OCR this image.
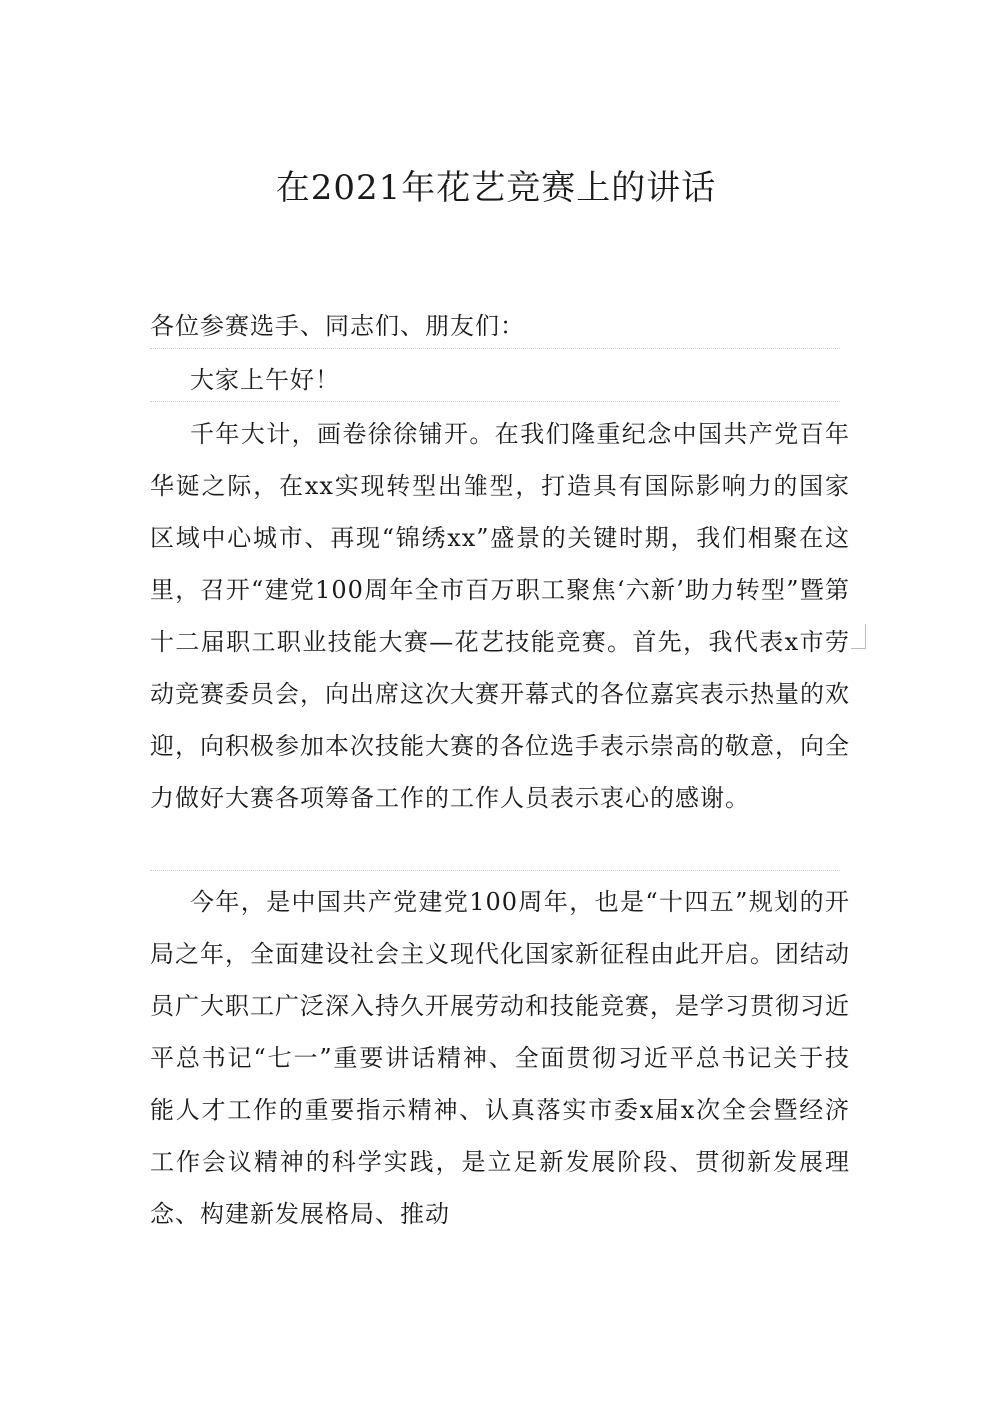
在2021年花艺竞赛上的讲话

各位参赛选手、同志们、朋友们：

大家上午好！

千年大计，画卷徐徐铺开。在我们隆重纪念中国共产党百年华诞之际，在xx实现转型出雏型，打造具有国际影响力的国家区域中心城市、再现“锦绣xx”盛景的关键时期，我们相聚在这里，召开“建党100周年全市百万职工聚焦‘六新’助力转型”暨第十二届职工职业技能大赛—花艺技能竞赛。首先，我代表x市劳动竞赛委员会，向出席这次大赛开幕式的各位嘉宾表示热量的欢迎，向积极参加本次技能大赛的各位选手表示崇高的敬意，向全力做好大赛各项筹备工作的工作人员表示衷心的感谢。

今年，是中国共产党建党100周年，也是“十四五”规划的开局之年，全面建设社会主义现代化国家新征程由此开启。团结动员广大职工广泛深入持久开展劳动和技能竞赛，是学习贯彻习近平总书记“七一”重要讲话精神、全面贯彻习近平总书记关于技能人才工作的重要指示精神、认真落实市委x届x次全会暨经济工作会议精神的科学实践，是立足新发展阶段、贯彻新发展理念、构建新发展格局、推动
